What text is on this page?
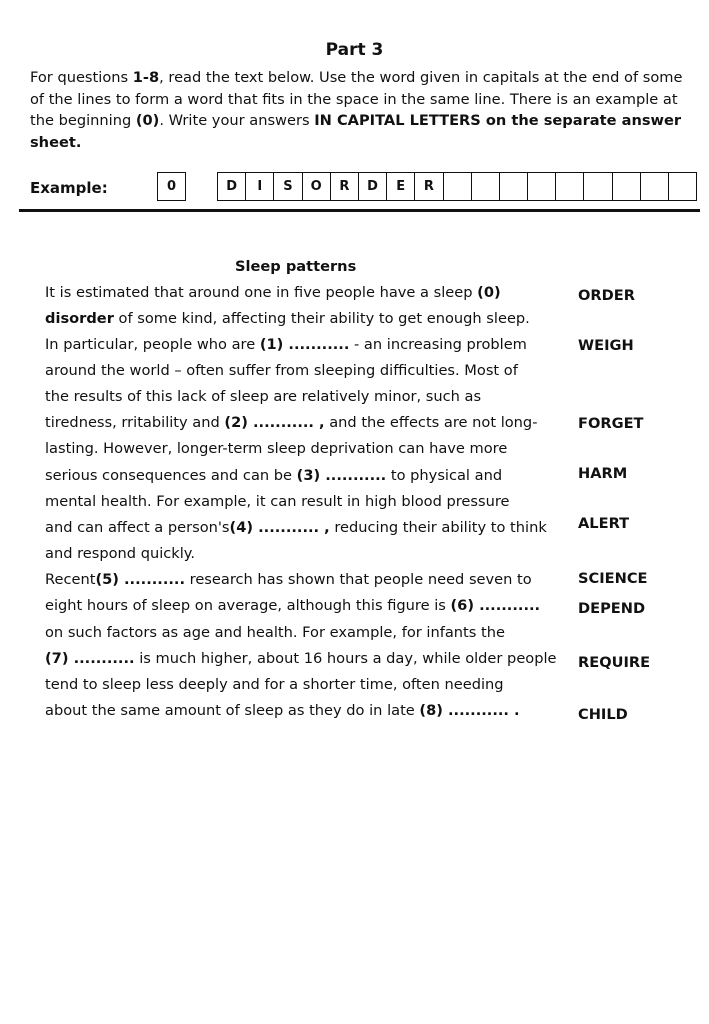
Part 3
For questions 1-8, read the text below. Use the word given in capitals at the end of some of the lines to form a word that fits in the space in the same line. There is an example at the beginning (0). Write your answers IN CAPITAL LETTERS on the separate answer sheet.
Example:	0	D	I	S	O	R	D	E	R
Sleep patterns
It is estimated that around one in five people have a sleep (0)
disorder of some kind, affecting their ability to get enough sleep.
In particular, people who are (1) ........... - an increasing problem
around the world – often suffer from sleeping difficulties. Most of
the results of this lack of sleep are relatively minor, such as
tiredness, rritability and (2) ........... , and the effects are not long-
lasting. However, longer-term sleep deprivation can have more
serious consequences and can be (3) ........... to physical and
mental health. For example, it can result in high blood pressure
and can affect a person's(4) ........... , reducing their ability to think
and respond quickly.
Recent(5) ........... research has shown that people need seven to
eight hours of sleep on average, although this figure is (6) ...........
on such factors as age and health. For example, for infants the
(7) ........... is much higher, about 16 hours a day, while older people
tend to sleep less deeply and for a shorter time, often needing
about the same amount of sleep as they do in late (8) ........... .
ORDER
WEIGH
FORGET
HARM
ALERT
SCIENCE
DEPEND
REQUIRE
CHILD
